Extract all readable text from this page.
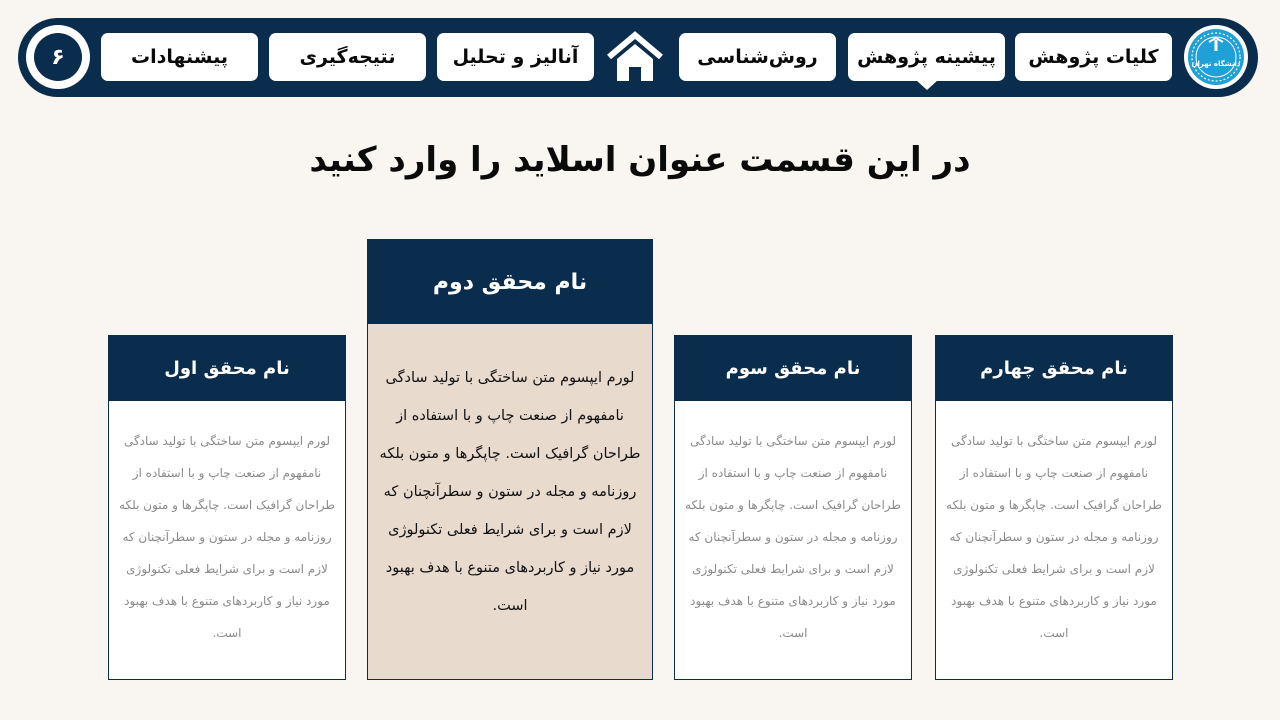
دانشگاه تهران
کلیات پژوهش
پیشینه پژوهش
روش‌شناسی
آنالیز و تحلیل
نتیجه‌گیری
پیشنهادات
۶
در این قسمت عنوان اسلاید را وارد کنید
نام محقق اول
لورم ایپسوم متن ساختگی با تولید سادگی نامفهوم از صنعت چاپ و با استفاده از طراحان گرافیک است. چاپگرها و متون بلکه روزنامه و مجله در ستون و سطرآنچنان که لازم است و برای شرایط فعلی تکنولوژی مورد نیاز و کاربردهای متنوع با هدف بهبود است.
نام محقق دوم
لورم ایپسوم متن ساختگی با تولید سادگی نامفهوم از صنعت چاپ و با استفاده از طراحان گرافیک است. چاپگرها و متون بلکه روزنامه و مجله در ستون و سطرآنچنان که لازم است و برای شرایط فعلی تکنولوژی مورد نیاز و کاربردهای متنوع با هدف بهبود است.
نام محقق سوم
لورم ایپسوم متن ساختگی با تولید سادگی نامفهوم از صنعت چاپ و با استفاده از طراحان گرافیک است. چاپگرها و متون بلکه روزنامه و مجله در ستون و سطرآنچنان که لازم است و برای شرایط فعلی تکنولوژی مورد نیاز و کاربردهای متنوع با هدف بهبود است.
نام محقق چهارم
لورم ایپسوم متن ساختگی با تولید سادگی نامفهوم از صنعت چاپ و با استفاده از طراحان گرافیک است. چاپگرها و متون بلکه روزنامه و مجله در ستون و سطرآنچنان که لازم است و برای شرایط فعلی تکنولوژی مورد نیاز و کاربردهای متنوع با هدف بهبود است.
